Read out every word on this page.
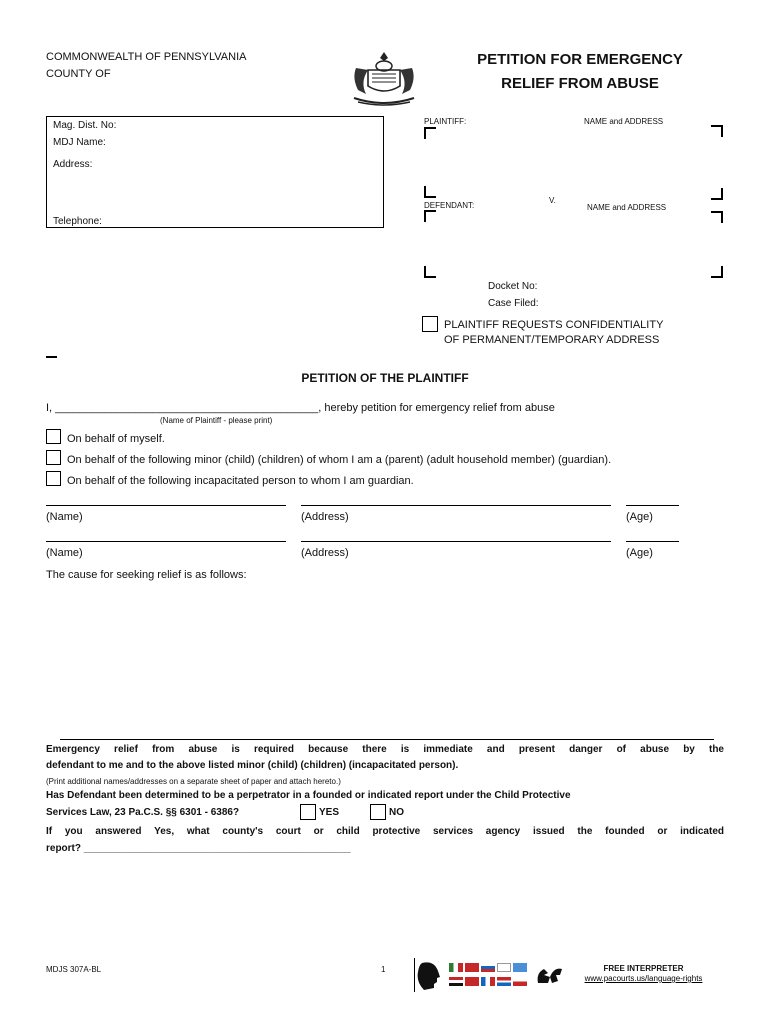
COMMONWEALTH OF PENNSYLVANIA
COUNTY OF
PETITION FOR EMERGENCY
RELIEF FROM ABUSE
Mag. Dist. No:
MDJ Name:
Address:
Telephone:
PLAINTIFF:	NAME and ADDRESS
V.
DEFENDANT:	NAME and ADDRESS
Docket No:
Case Filed:
PLAINTIFF REQUESTS CONFIDENTIALITY
OF PERMANENT/TEMPORARY ADDRESS
PETITION OF THE PLAINTIFF
I, ___________________________________________, hereby petition for emergency relief from abuse
(Name of Plaintiff - please print)
On behalf of myself.
On behalf of the following minor (child) (children) of whom I am a (parent) (adult household member) (guardian).
On behalf of the following incapacitated person to whom I am guardian.
(Name)	(Address)	(Age)
(Name)	(Address)	(Age)
The cause for seeking relief is as follows:
Emergency relief from abuse is required because there is immediate and present danger of abuse by the
defendant to me and to the above listed minor (child) (children) (incapacitated person).
(Print additional names/addresses on a separate sheet of paper and attach hereto.)
Has Defendant been determined to be a perpetrator in a founded or indicated report under the Child Protective
Services Law, 23 Pa.C.S. §§ 6301 - 6386?	YES	NO
If you answered Yes, what county's court or child protective services agency issued the founded or indicated
report? ________________________________________________
MDJS 307A-BL	1	FREE INTERPRETER
www.pacourts.us/language-rights
